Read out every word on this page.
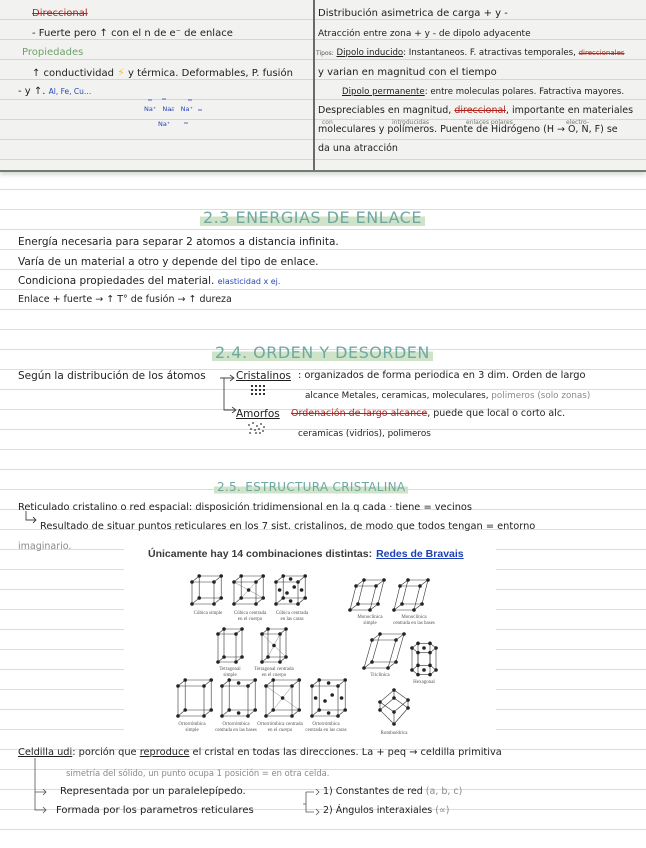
Direccional
- Fuerte pero ↑ con el n de e⁻ de enlace
Propiedades
↑ conductividad ⚡ y térmica. Deformables, P. fusión
- y ↑. Al, Fe, Cu…
Na⁺ Na⁺ Na⁺
Na⁺
Distribución asimetrica de carga + y -
Atracción entre zona + y - de dipolo adyacente
Tipos: Dipolo inducido: Instantaneos. F. atractivas temporales, direccionales
y varian en magnitud con el tiempo
Dipolo permanente: entre moleculas polares. Fatractiva mayores.
Despreciables en magnitud, direccional, importante en materiales
con	introducidas	enlaces polares	electro-
moleculares y polímeros. Puente de Hidrógeno (H → O, N, F) se
da una atracción
2.3 ENERGIAS DE ENLACE
Energía necesaria para separar 2 atomos a distancia infinita.
Varía de un material a otro y depende del tipo de enlace.
Condiciona propiedades del material. elasticidad x ej.
Enlace + fuerte → ↑ T° de fusión → ↑ dureza
2.4. ORDEN Y DESORDEN
Según la distribución de los átomos	Cristalinos : organizados de forma periodica en 3 dim. Orden de largo
alcance Metales, ceramicas, moleculares, polimeros (solo zonas)
Amorfos Ordenación de largo alcance, puede que local o corto alc.
ceramicas (vidrios), polimeros
2.5. ESTRUCTURA CRISTALINA
Reticulado cristalino o red espacial: disposición tridimensional en la q cada · tiene = vecinos
Resultado de situar puntos reticulares en los 7 sist. cristalinos, de modo que todos tengan = entorno
imaginario.
Únicamente hay 14 combinaciones distintas: Redes de Bravais
Cúbica simple Cúbica centrada en el cuerpo
Cúbica centrada en las caras	Monoclínica simple
Monoclínica centrada en las bases
Tetragonal simple
Tetragonal centrada en el cuerpo	Triclínica
Hexagonal
Ortorrómbica simple
Ortorrómbica centrada en las bases
Ortorrómbica centrada en el cuerpo
Ortorrómbica centrada en las caras
Romboédrica
Celdilla udi: porción que reproduce el cristal en todas las direcciones. La + peq → celdilla primitiva
simetría del sólido, un punto ocupa 1 posición = en otra celda.
Representada por un paralelepípedo.
Formada por los parametros reticulares
1) Constantes de red (a, b, c)
2) Ángulos interaxiales (∝)
